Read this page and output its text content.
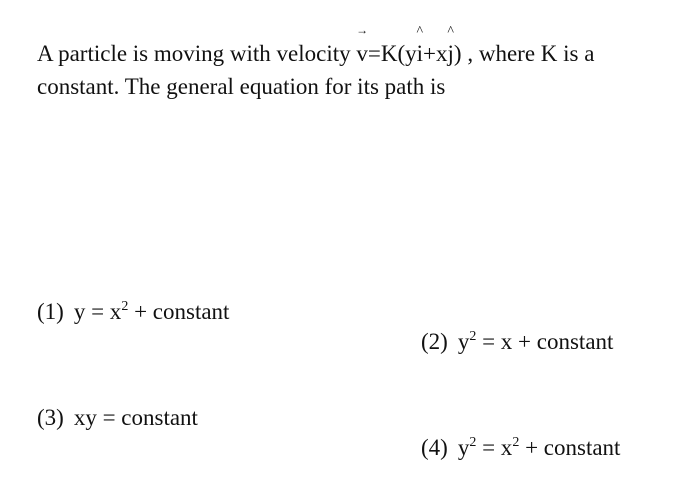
A particle is moving with velocity
→
v=K(y
^
i+x
^
j) , where K is a
constant. The general equation for its path is
(1) $y = x^2$ + constant
(2) $y^2 = x$ + constant
(3) xy = constant
(4) $y^2 = x^2$ + constant
